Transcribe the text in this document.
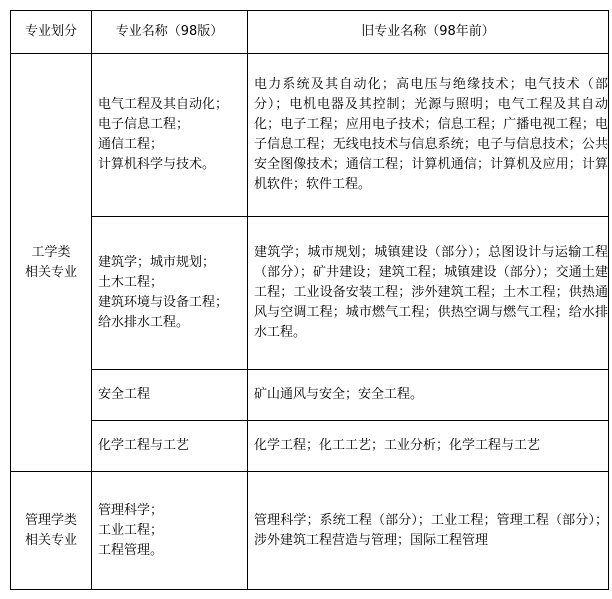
专业划分	专业名称（98版）	旧专业名称（98年前）

工学类
相关专业	电气工程及其自动化；
电子信息工程；
通信工程；
计算机科学与技术。	电力系统及其自动化；高电压与绝缘技术；电气技术（部分）；电机电器及其控制；光源与照明；电气工程及其自动化；电子工程；应用电子技术；信息工程；广播电视工程；电子信息工程；无线电技术与信息系统；电子与信息技术；公共安全图像技术；通信工程；计算机通信；计算机及应用；计算机软件；软件工程。

	建筑学；城市规划；
土木工程；
建筑环境与设备工程；
给水排水工程。	建筑学；城市规划；城镇建设（部分）；总图设计与运输工程（部分）；矿井建设；建筑工程；城镇建设（部分）；交通土建工程；工业设备安装工程；涉外建筑工程；土木工程；供热通风与空调工程；城市燃气工程；供热空调与燃气工程；给水排水工程。

	安全工程	矿山通风与安全；安全工程。

	化学工程与工艺	化学工程；化工工艺；工业分析；化学工程与工艺

管理学类
相关专业	管理科学；
工业工程；
工程管理。	管理科学；系统工程（部分）；工业工程；管理工程（部分）；涉外建筑工程营造与管理；国际工程管理
